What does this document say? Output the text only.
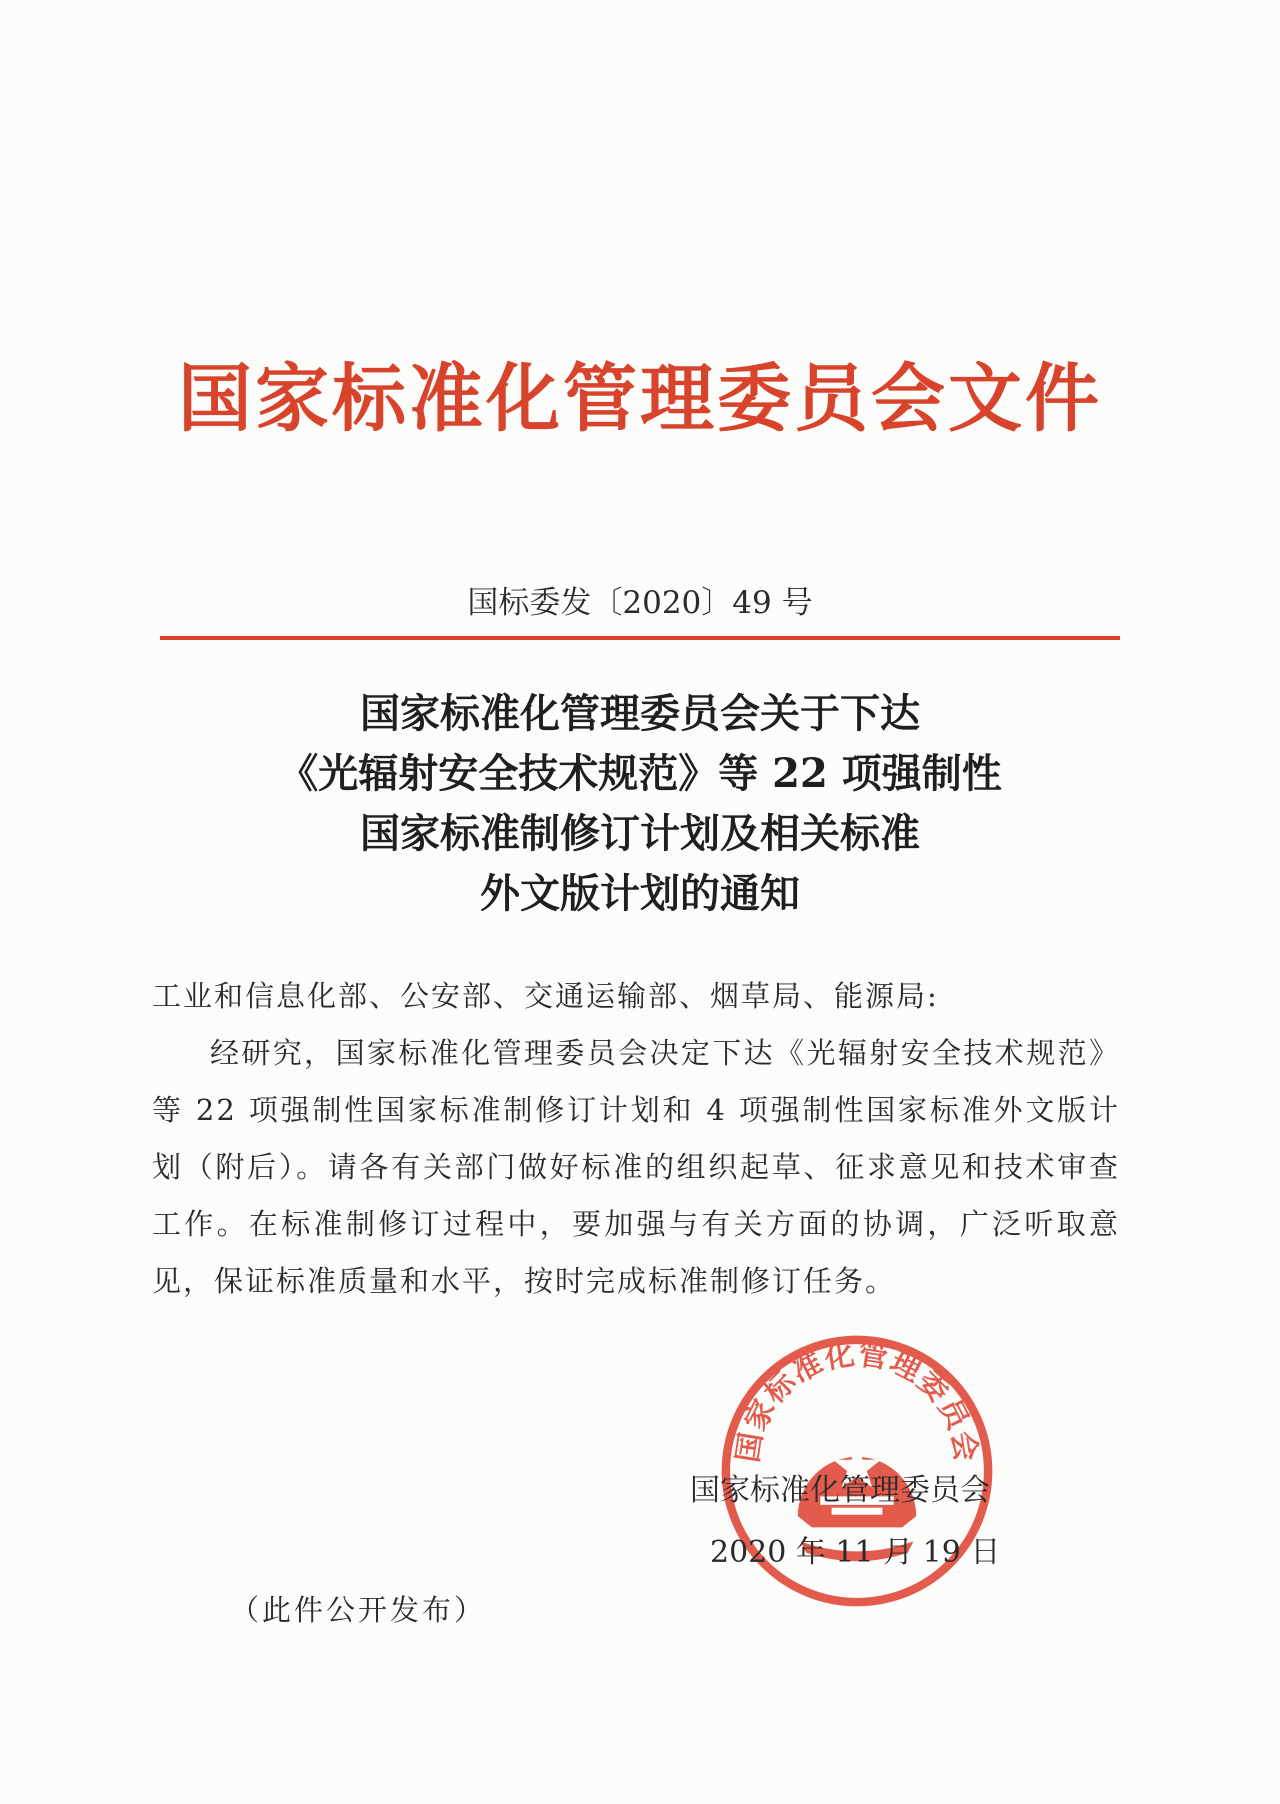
国家标准化管理委员会文件
国标委发〔2020〕49 号
国家标准化管理委员会关于下达
《光辐射安全技术规范》等 22 项强制性
国家标准制修订计划及相关标准
外文版计划的通知
工业和信息化部、公安部、交通运输部、烟草局、能源局:
经研究，国家标准化管理委员会决定下达《光辐射安全技术规范》等 22 项强制性国家标准制修订计划和 4 项强制性国家标准外文版计划（附后）。请各有关部门做好标准的组织起草、征求意见和技术审查工作。在标准制修订过程中，要加强与有关方面的协调，广泛听取意见，保证标准质量和水平，按时完成标准制修订任务。
国家标准化管理委员会
国家标准化管理委员会
2020 年 11 月 19 日
（此件公开发布）
